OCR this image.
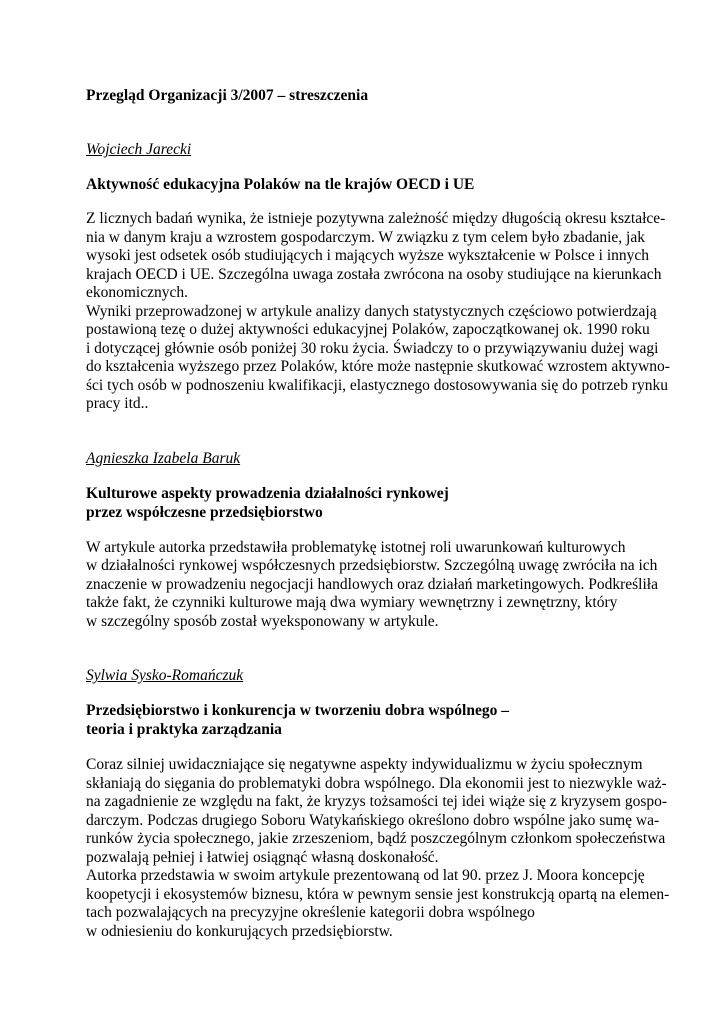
Przegląd Organizacji 3/2007 – streszczenia

Wojciech Jarecki

Aktywność edukacyjna Polaków na tle krajów OECD i UE
Z licznych badań wynika, że istnieje pozytywna zależność między długością okresu kształce-
nia w danym kraju a wzrostem gospodarczym. W związku z tym celem było zbadanie, jak
wysoki jest odsetek osób studiujących i mających wyższe wykształcenie w Polsce i innych
krajach OECD i UE. Szczególna uwaga została zwrócona na osoby studiujące na kierunkach
ekonomicznych.
Wyniki przeprowadzonej w artykule analizy danych statystycznych częściowo potwierdzają
postawioną tezę o dużej aktywności edukacyjnej Polaków, zapoczątkowanej ok. 1990 roku
i dotyczącej głównie osób poniżej 30 roku życia. Świadczy to o przywiązywaniu dużej wagi
do kształcenia wyższego przez Polaków, które może następnie skutkować wzrostem aktywno-
ści tych osób w podnoszeniu kwalifikacji, elastycznego dostosowywania się do potrzeb rynku
pracy itd..

Agnieszka Izabela Baruk

Kulturowe aspekty prowadzenia działalności rynkowej
przez współczesne przedsiębiorstwo
W artykule autorka przedstawiła problematykę istotnej roli uwarunkowań kulturowych
w działalności rynkowej współczesnych przedsiębiorstw. Szczególną uwagę zwróciła na ich
znaczenie w prowadzeniu negocjacji handlowych oraz działań marketingowych. Podkreśliła
także fakt, że czynniki kulturowe mają dwa wymiary wewnętrzny i zewnętrzny, który
w szczególny sposób został wyeksponowany w artykule.

Sylwia Sysko-Romańczuk

Przedsiębiorstwo i konkurencja w tworzeniu dobra wspólnego –
teoria i praktyka zarządzania
Coraz silniej uwidaczniające się negatywne aspekty indywidualizmu w życiu społecznym
skłaniają do sięgania do problematyki dobra wspólnego. Dla ekonomii jest to niezwykle waż-
na zagadnienie ze względu na fakt, że kryzys tożsamości tej idei wiąże się z kryzysem gospo-
darczym. Podczas drugiego Soboru Watykańskiego określono dobro wspólne jako sumę wa-
runków życia społecznego, jakie zrzeszeniom, bądź poszczególnym członkom społeczeństwa
pozwalają pełniej i łatwiej osiągnąć własną doskonałość.
Autorka przedstawia w swoim artykule prezentowaną od lat 90. przez J. Moora koncepcję
koopetycji i ekosystemów biznesu, która w pewnym sensie jest konstrukcją opartą na elemen-
tach pozwalających na precyzyjne określenie kategorii dobra wspólnego
w odniesieniu do konkurujących przedsiębiorstw.
